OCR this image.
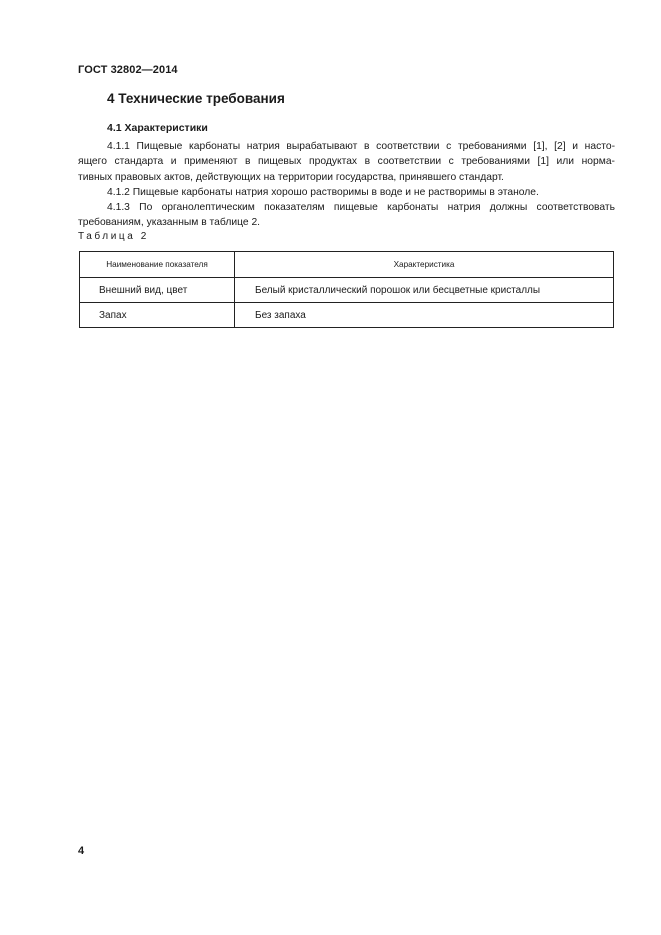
ГОСТ 32802—2014
4 Технические требования
4.1 Характеристики

4.1.1 Пищевые карбонаты натрия вырабатывают в соответствии с требованиями [1], [2] и насто-

ящего стандарта и применяют в пищевых продуктах в соответствии с требованиями [1] или норма-

тивных правовых актов, действующих на территории государства, принявшего стандарт.

4.1.2 Пищевые карбонаты натрия хорошо растворимы в воде и не растворимы в этаноле.

4.1.3 По органолептическим показателям пищевые карбонаты натрия должны соответствовать

требованиям, указанным в таблице 2.

Таблица 2
Наименование показателя	Характеристика
Внешний вид, цвет	Белый кристаллический порошок или бесцветные кристаллы
Запах	Без запаха
4
